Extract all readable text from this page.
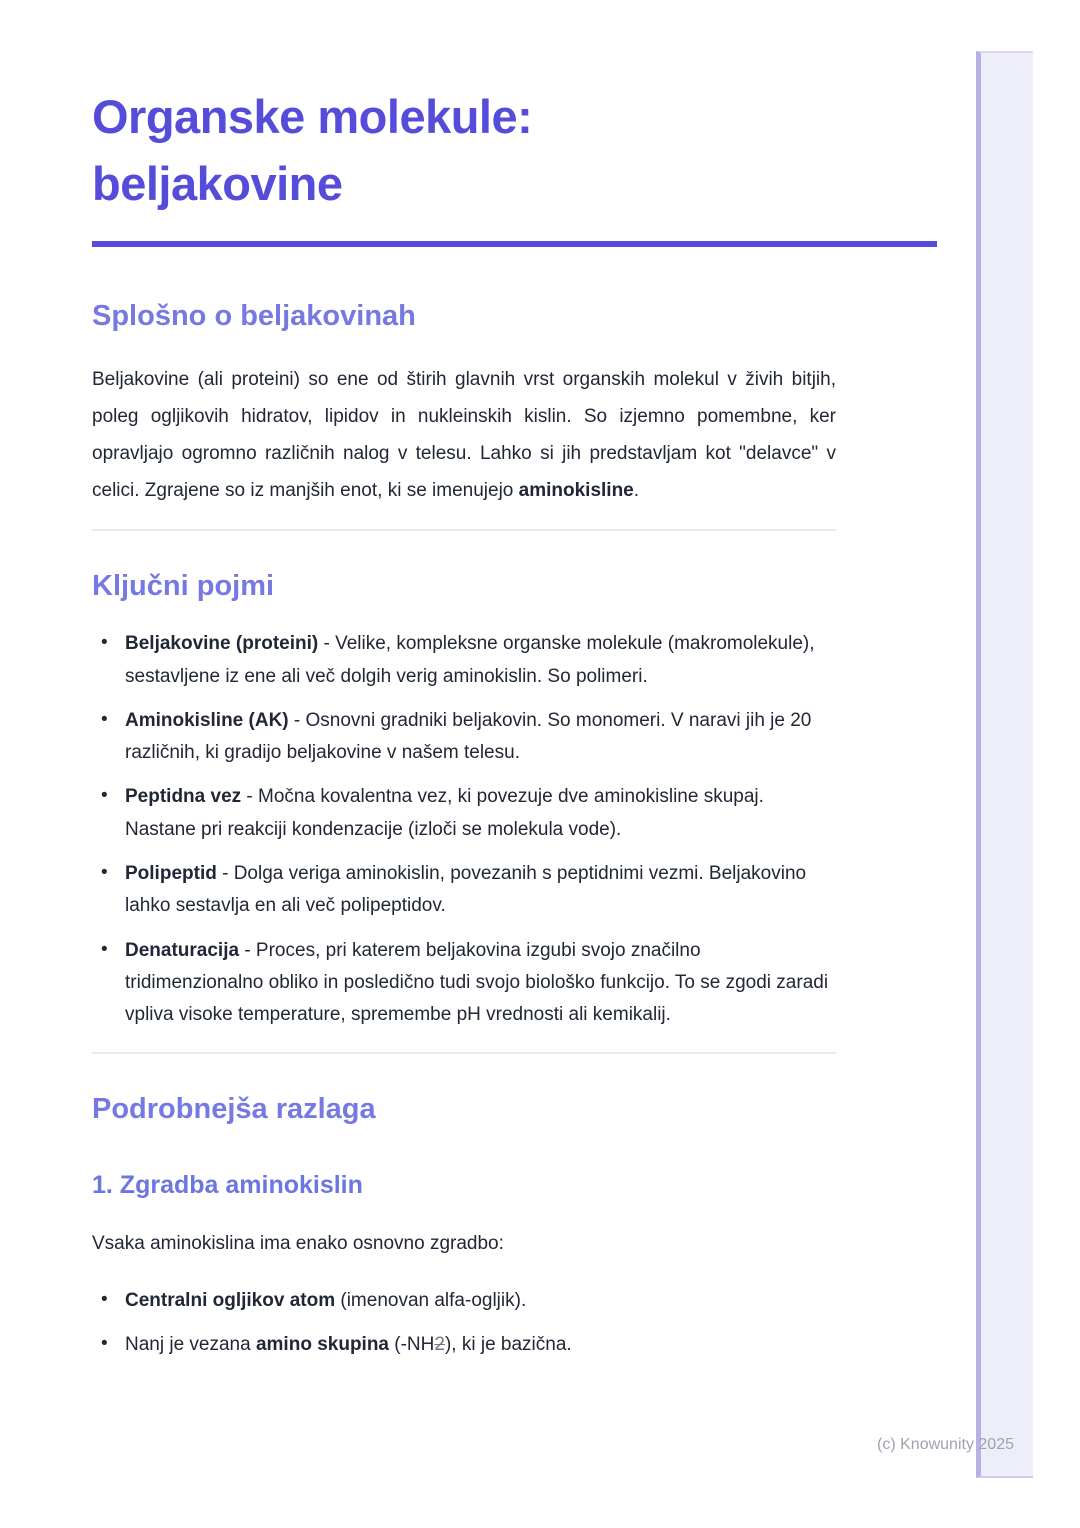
Organske molekule:
beljakovine
Splošno o beljakovinah

Beljakovine (ali proteini) so ene od štirih glavnih vrst organskih molekul v živih bitjih, poleg ogljikovih hidratov, lipidov in nukleinskih kislin. So izjemno pomembne, ker opravljajo ogromno različnih nalog v telesu. Lahko si jih predstavljam kot "delavce" v celici. Zgrajene so iz manjših enot, ki se imenujejo aminokisline.

Ključni pojmi
• Beljakovine (proteini) - Velike, kompleksne organske molekule (makromolekule), sestavljene iz ene ali več dolgih verig aminokislin. So polimeri.
• Aminokisline (AK) - Osnovni gradniki beljakovin. So monomeri. V naravi jih je 20 različnih, ki gradijo beljakovine v našem telesu.
• Peptidna vez - Močna kovalentna vez, ki povezuje dve aminokisline skupaj. Nastane pri reakciji kondenzacije (izloči se molekula vode).
• Polipeptid - Dolga veriga aminokislin, povezanih s peptidnimi vezmi. Beljakovino lahko sestavlja en ali več polipeptidov.
• Denaturacija - Proces, pri katerem beljakovina izgubi svojo značilno tridimenzionalno obliko in posledično tudi svojo biološko funkcijo. To se zgodi zaradi vpliva visoke temperature, spremembe pH vrednosti ali kemikalij.
Podrobnejša razlaga
1. Zgradba aminokislin

Vsaka aminokislina ima enako osnovno zgradbo:

• Centralni ogljikov atom (imenovan alfa-ogljik).
• Nanj je vezana amino skupina (-NH2), ki je bazična.
(c) Knowunity 2025
